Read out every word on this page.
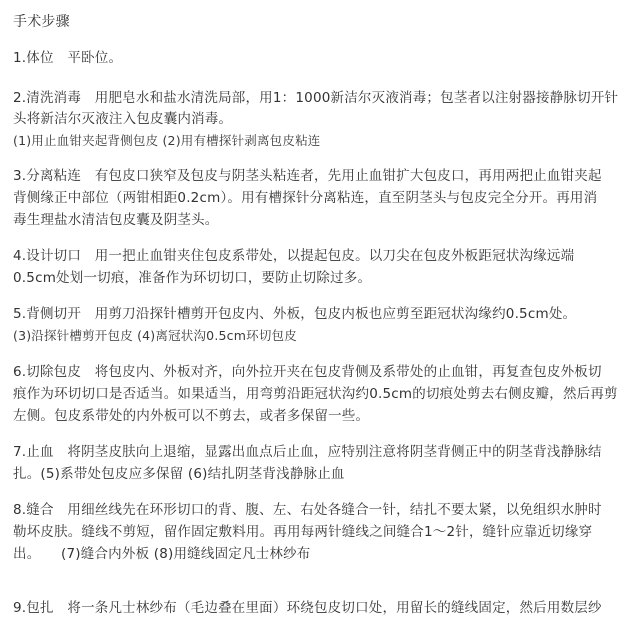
手术步骤
1.体位　平卧位。
2.清洗消毒　用肥皂水和盐水清洗局部，用1：1000新洁尔灭液消毒；包茎者以注射器接静脉切开针
头将新洁尔灭液注入包皮囊内消毒。
(1)用止血钳夹起背侧包皮 (2)用有槽探针剥离包皮粘连
3.分离粘连　有包皮口狭窄及包皮与阴茎头粘连者，先用止血钳扩大包皮口，再用两把止血钳夹起
背侧缘正中部位（两钳相距0.2cm）。用有槽探针分离粘连，直至阴茎头与包皮完全分开。再用消
毒生理盐水清洁包皮囊及阴茎头。
4.设计切口　用一把止血钳夹住包皮系带处，以提起包皮。以刀尖在包皮外板距冠状沟缘远端
0.5cm处划一切痕，准备作为环切切口，要防止切除过多。
5.背侧切开　用剪刀沿探针槽剪开包皮内、外板，包皮内板也应剪至距冠状沟缘约0.5cm处。
(3)沿探针槽剪开包皮 (4)离冠状沟0.5cm环切包皮
6.切除包皮　将包皮内、外板对齐，向外拉开夹在包皮背侧及系带处的止血钳，再复查包皮外板切
痕作为环切切口是否适当。如果适当，用弯剪沿距冠状沟约0.5cm的切痕处剪去右侧皮瓣，然后再剪
左侧。包皮系带处的内外板可以不剪去，或者多保留一些。
7.止血　将阴茎皮肤向上退缩，显露出血点后止血，应特别注意将阴茎背侧正中的阴茎背浅静脉结
扎。(5)系带处包皮应多保留 (6)结扎阴茎背浅静脉止血
8.缝合　用细丝线先在环形切口的背、腹、左、右处各缝合一针，结扎不要太紧，以免组织水肿时
勒坏皮肤。缝线不剪短，留作固定敷料用。再用每两针缝线之间缝合1～2针，缝针应靠近切缘穿
出。　　(7)缝合内外板 (8)用缝线固定凡士林纱布
9.包扎　将一条凡士林纱布（毛边叠在里面）环绕包皮切口处，用留长的缝线固定，然后用数层纱
